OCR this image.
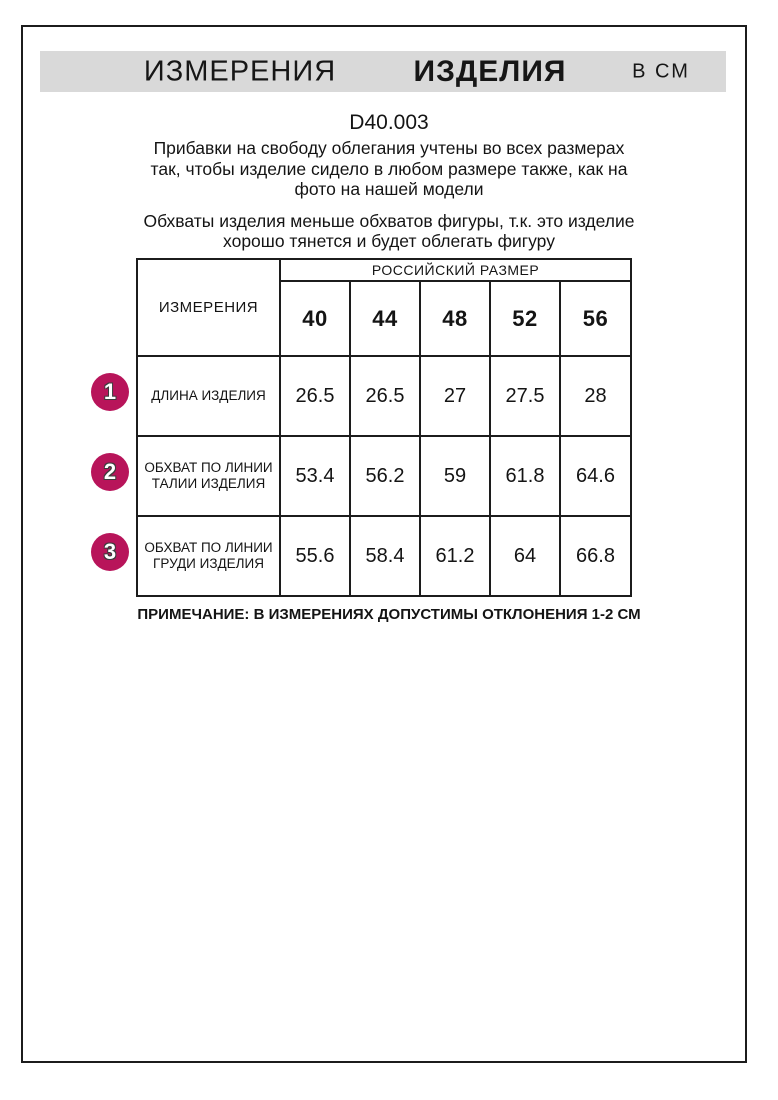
ИЗМЕРЕНИЯ	ИЗДЕЛИЯ	В СМ
D40.003
Прибавки на свободу облегания учтены во всех размерах
так, чтобы изделие сидело в любом размере также, как на
фото на нашей модели
Обхваты изделия меньше обхватов фигуры, т.к. это изделие
хорошо тянется и будет облегать фигуру
ИЗМЕРЕНИЯ	РОССИЙСКИЙ РАЗМЕР				
	40	44	48	52	56
ДЛИНА ИЗДЕЛИЯ	26.5	26.5	27	27.5	28
ОБХВАТ ПО ЛИНИИ ТАЛИИ ИЗДЕЛИЯ	53.4	56.2	59	61.8	64.6
ОБХВАТ ПО ЛИНИИ ГРУДИ ИЗДЕЛИЯ	55.6	58.4	61.2	64	66.8
1
2
3
ПРИМЕЧАНИЕ: В ИЗМЕРЕНИЯХ ДОПУСТИМЫ ОТКЛОНЕНИЯ 1-2 СМ
